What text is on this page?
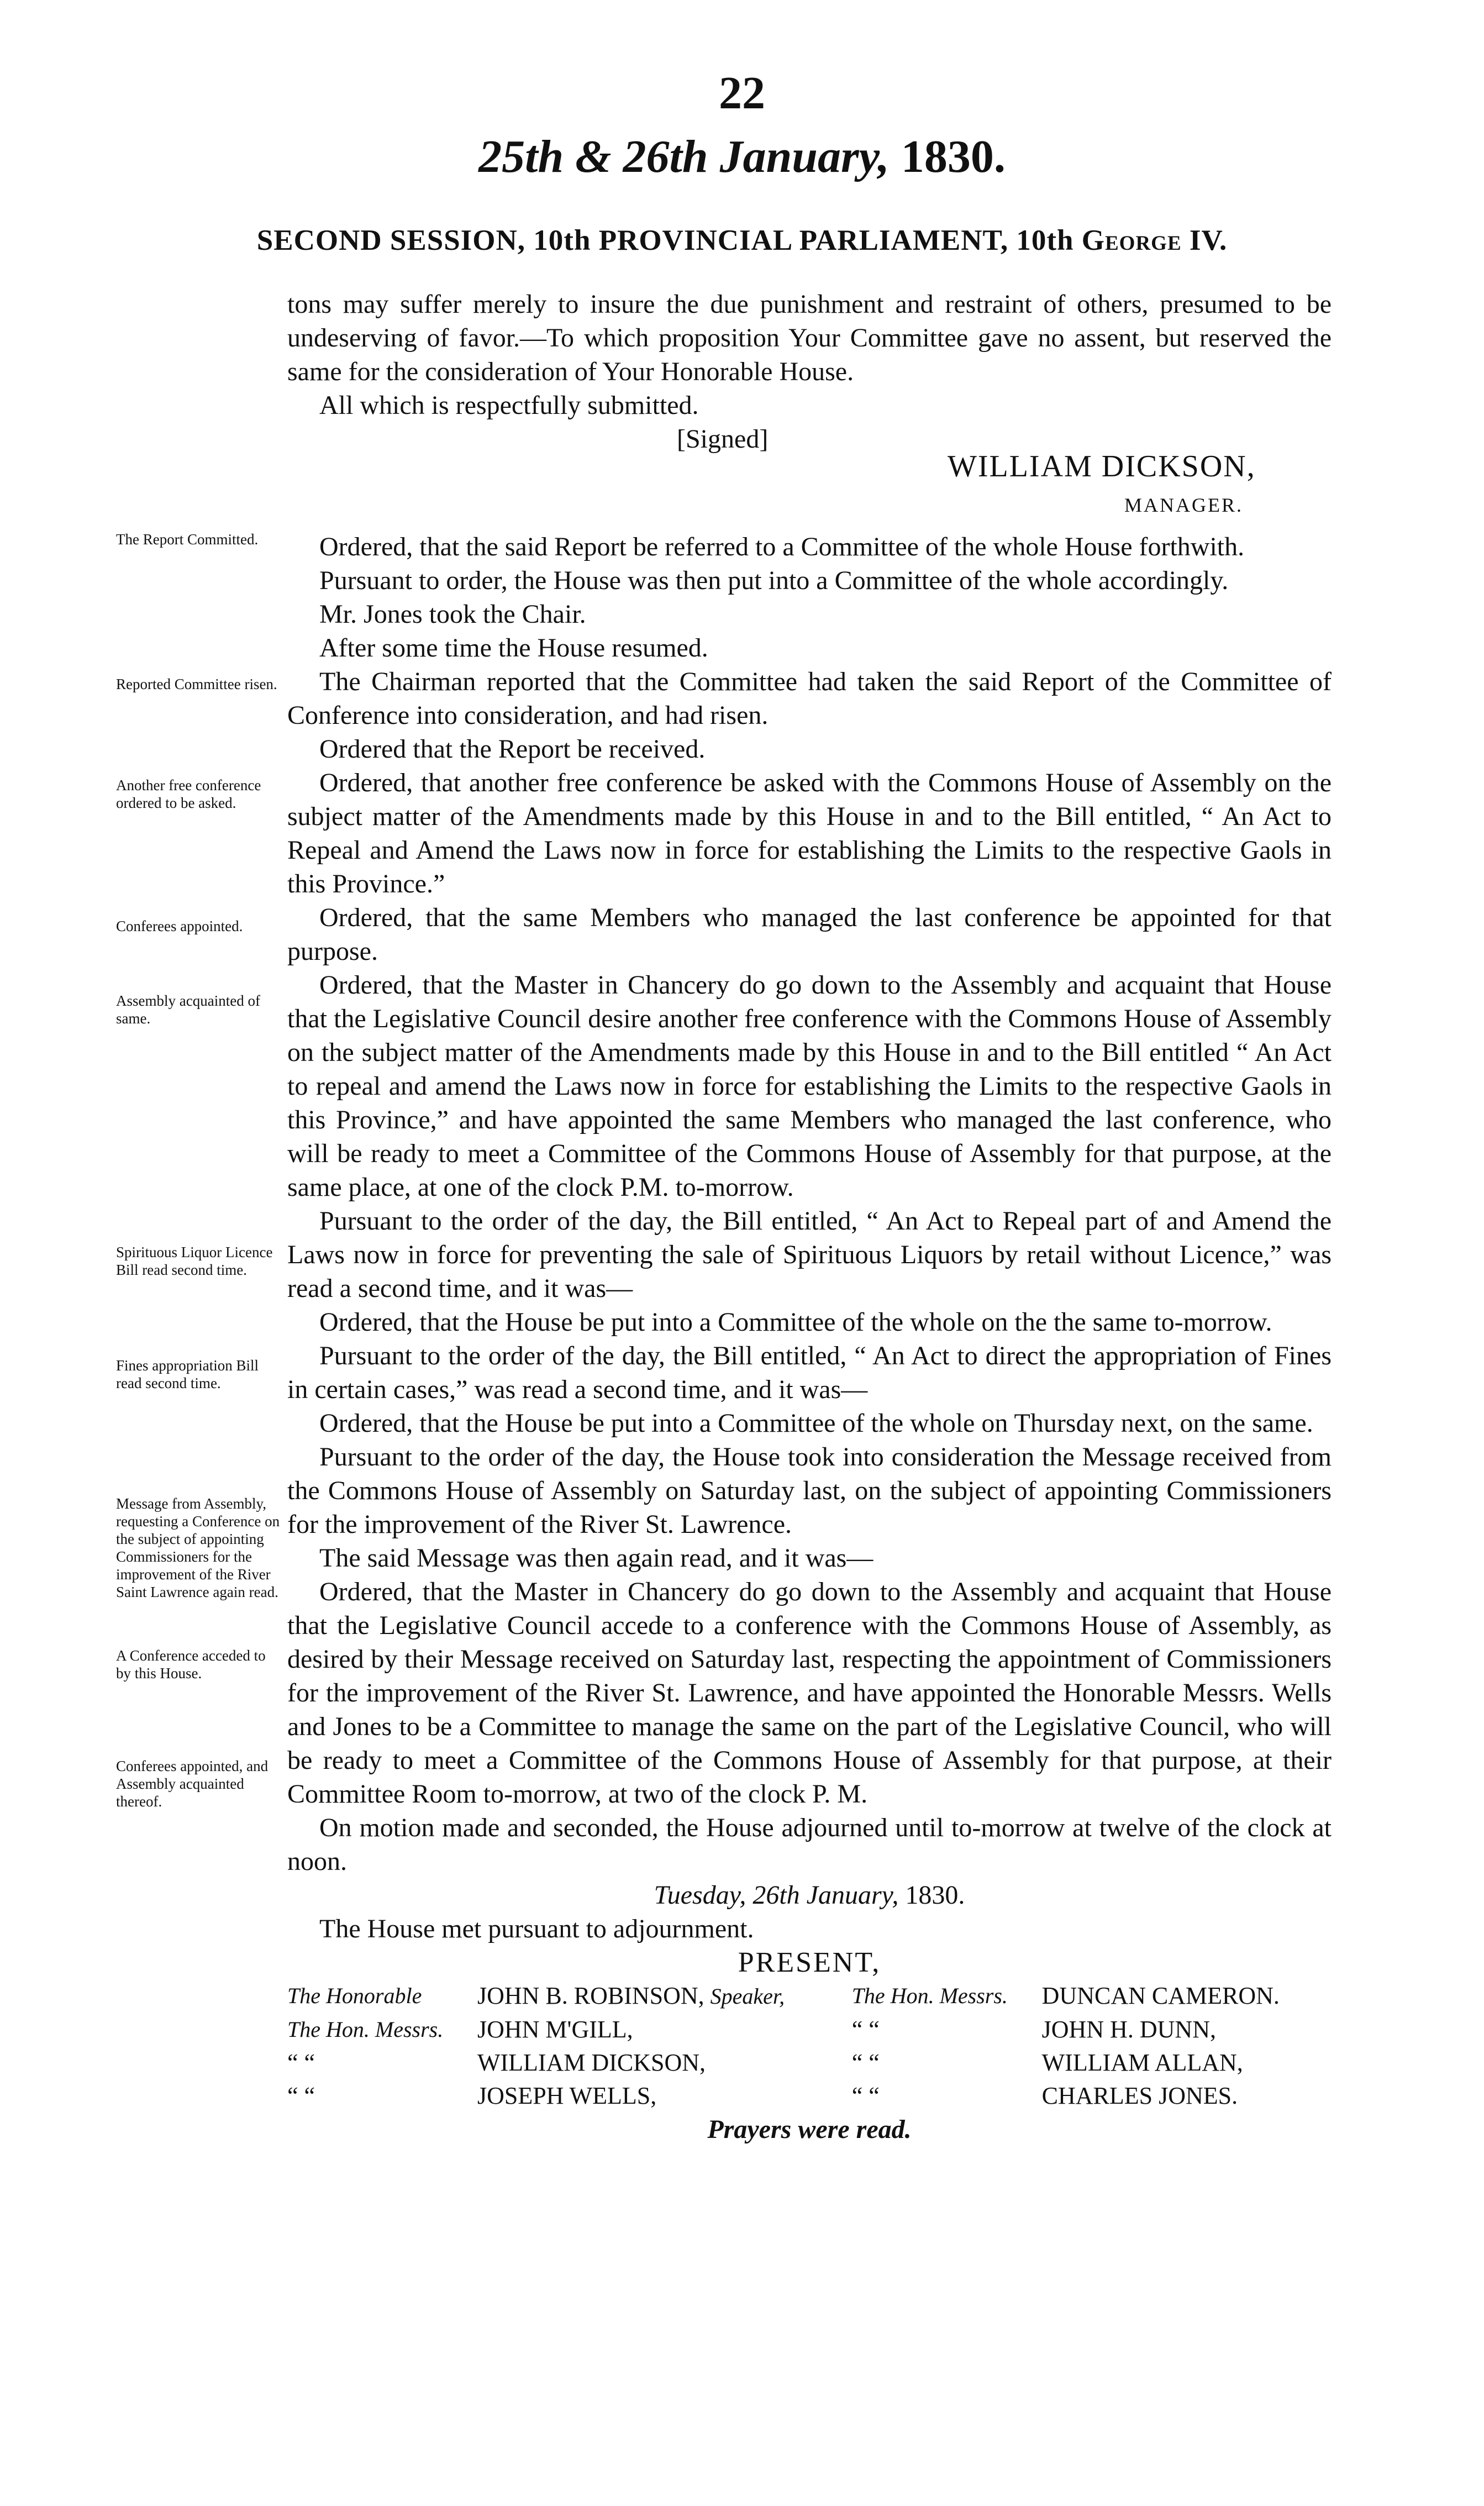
22
25th & 26th January, 1830.
SECOND SESSION, 10th PROVINCIAL PARLIAMENT, 10th George IV.
The Report Committed.
Reported Committee risen.
Another free conference ordered to be asked.
Conferees appointed.
Assembly acquainted of same.
Spirituous Liquor Licence Bill read second time.
Fines appropriation Bill read second time.
Message from Assembly, requesting a Conference on the subject of appointing Commissioners for the improvement of the River Saint Lawrence again read.
A Conference acceded to by this House.
Conferees appointed, and Assembly acquainted thereof.

tons may suffer merely to insure the due punishment and restraint of others, presumed to be undeserving of favor.—To which proposition Your Committee gave no assent, but reserved the same for the consideration of Your Honorable House.

All which is respectfully submitted.

[Signed]
WILLIAM DICKSON,
MANAGER.

Ordered, that the said Report be referred to a Committee of the whole House forthwith.

Pursuant to order, the House was then put into a Committee of the whole accordingly.

Mr. Jones took the Chair.

After some time the House resumed.

The Chairman reported that the Committee had taken the said Report of the Committee of Conference into consideration, and had risen.

Ordered that the Report be received.

Ordered, that another free conference be asked with the Commons House of Assembly on the subject matter of the Amendments made by this House in and to the Bill entitled, “ An Act to Repeal and Amend the Laws now in force for establishing the Limits to the respective Gaols in this Province.”

Ordered, that the same Members who managed the last conference be appointed for that purpose.

Ordered, that the Master in Chancery do go down to the Assembly and acquaint that House that the Legislative Council desire another free conference with the Commons House of Assembly on the subject matter of the Amendments made by this House in and to the Bill entitled “ An Act to repeal and amend the Laws now in force for establishing the Limits to the respective Gaols in this Province,” and have appointed the same Members who managed the last conference, who will be ready to meet a Committee of the Commons House of Assembly for that purpose, at the same place, at one of the clock P.M. to-morrow.

Pursuant to the order of the day, the Bill entitled, “ An Act to Repeal part of and Amend the Laws now in force for preventing the sale of Spirituous Liquors by retail without Licence,” was read a second time, and it was—

Ordered, that the House be put into a Committee of the whole on the the same to-morrow.

Pursuant to the order of the day, the Bill entitled, “ An Act to direct the appropriation of Fines in certain cases,” was read a second time, and it was—

Ordered, that the House be put into a Committee of the whole on Thursday next, on the same.

Pursuant to the order of the day, the House took into consideration the Message received from the Commons House of Assembly on Saturday last, on the subject of appointing Commissioners for the improvement of the River St. Lawrence.

The said Message was then again read, and it was—

Ordered, that the Master in Chancery do go down to the Assembly and acquaint that House that the Legislative Council accede to a conference with the Commons House of Assembly, as desired by their Message received on Saturday last, respecting the appointment of Commissioners for the improvement of the River St. Lawrence, and have appointed the Honorable Messrs. Wells and Jones to be a Committee to manage the same on the part of the Legislative Council, who will be ready to meet a Committee of the Commons House of Assembly for that purpose, at their Committee Room to-morrow, at two of the clock P. M.

On motion made and seconded, the House adjourned until to-morrow at twelve of the clock at noon.

Tuesday, 26th January, 1830.

The House met pursuant to adjournment.

PRESENT,

The Honorable	JOHN B. ROBINSON, Speaker,	The Hon. Messrs.	DUNCAN CAMERON.
The Hon. Messrs.	JOHN M'GILL,	“ “	JOHN H. DUNN,
“ “	WILLIAM DICKSON,	“ “	WILLIAM ALLAN,
“ “	JOSEPH WELLS,	“ “	CHARLES JONES.

Prayers were read.
